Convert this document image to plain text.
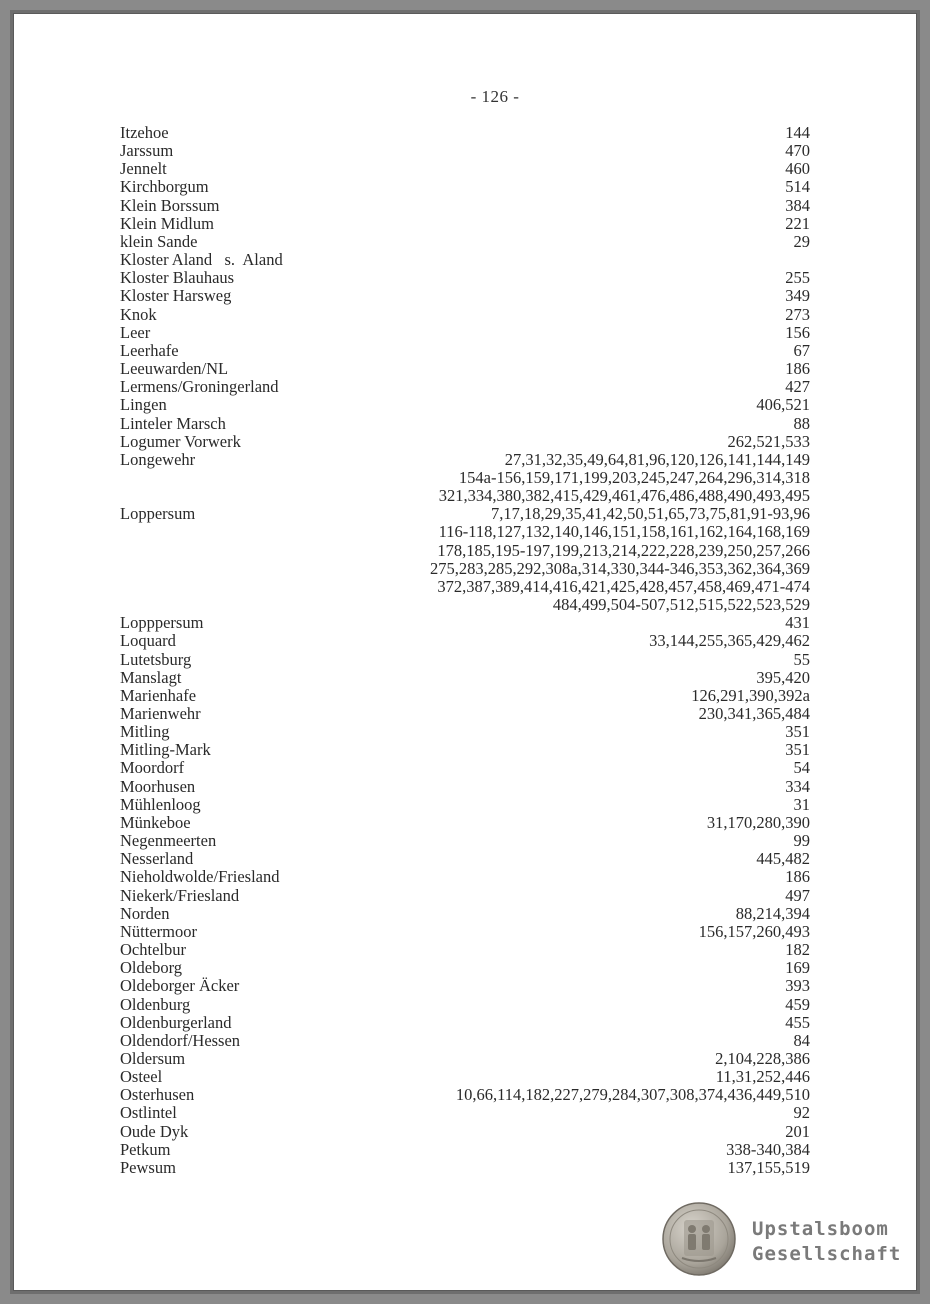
- 126 -
Itzehoe	144
Jarssum	470
Jennelt	460
Kirchborgum	514
Klein Borssum	384
Klein Midlum	221
klein Sande	29
Kloster Aland   s.  Aland
Kloster Blauhaus	255
Kloster Harsweg	349
Knok	273
Leer	156
Leerhafe	67
Leeuwarden/NL	186
Lermens/Groningerland	427
Lingen	406,521
Linteler Marsch	88
Logumer Vorwerk	262,521,533
Longewehr	27,31,32,35,49,64,81,96,120,126,141,144,149
154a-156,159,171,199,203,245,247,264,296,314,318
321,334,380,382,415,429,461,476,486,488,490,493,495
Loppersum	7,17,18,29,35,41,42,50,51,65,73,75,81,91-93,96
116-118,127,132,140,146,151,158,161,162,164,168,169
178,185,195-197,199,213,214,222,228,239,250,257,266
275,283,285,292,308a,314,330,344-346,353,362,364,369
372,387,389,414,416,421,425,428,457,458,469,471-474
484,499,504-507,512,515,522,523,529
Lopppersum	431
Loquard	33,144,255,365,429,462
Lutetsburg	55
Manslagt	395,420
Marienhafe	126,291,390,392a
Marienwehr	230,341,365,484
Mitling	351
Mitling-Mark	351
Moordorf	54
Moorhusen	334
Mühlenloog	31
Münkeboe	31,170,280,390
Negenmeerten	99
Nesserland	445,482
Nieholdwolde/Friesland	186
Niekerk/Friesland	497
Norden	88,214,394
Nüttermoor	156,157,260,493
Ochtelbur	182
Oldeborg	169
Oldeborger Äcker	393
Oldenburg	459
Oldenburgerland	455
Oldendorf/Hessen	84
Oldersum	2,104,228,386
Osteel	11,31,252,446
Osterhusen	10,66,114,182,227,279,284,307,308,374,436,449,510
Ostlintel	92
Oude Dyk	201
Petkum	338-340,384
Pewsum	137,155,519
Upstalsboom
Gesellschaft
